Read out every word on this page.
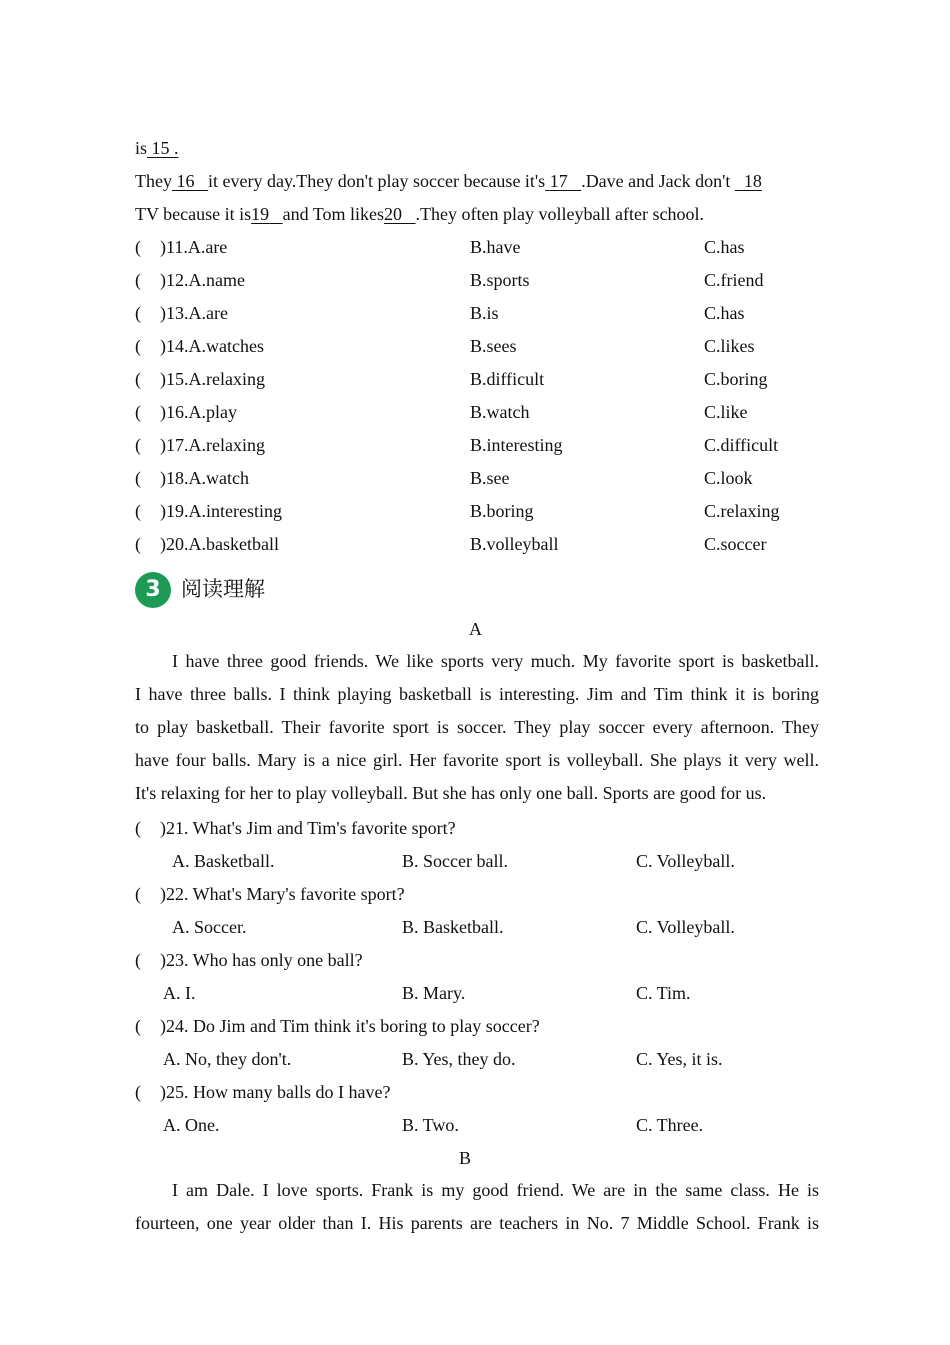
is 15 .
They 16 it every day.They don't play soccer because it's 17 .Dave and Jack don't 18
TV because it is19 and Tom likes20 .They often play volleyball after school.
( )11.A.are	B.have	C.has
( )12.A.name	B.sports	C.friend
( )13.A.are	B.is	C.has
( )14.A.watches	B.sees	C.likes
( )15.A.relaxing	B.difficult	C.boring
( )16.A.play	B.watch	C.like
( )17.A.relaxing	B.interesting	C.difficult
( )18.A.watch	B.see	C.look
( )19.A.interesting	B.boring	C.relaxing
( )20.A.basketball	B.volleyball	C.soccer
3 阅读理解
A
I have three good friends. We like sports very much. My favorite sport is basketball.
I have three balls. I think playing basketball is interesting. Jim and Tim think it is boring
to play basketball. Their favorite sport is soccer. They play soccer every afternoon. They
have four balls. Mary is a nice girl. Her favorite sport is volleyball. She plays it very well.
It's relaxing for her to play volleyball. But she has only one ball. Sports are good for us.
( )21. What's Jim and Tim's favorite sport?
A. Basketball.	B. Soccer ball.	C. Volleyball.
( )22. What's Mary's favorite sport?
A. Soccer.	B. Basketball.	C. Volleyball.
( )23. Who has only one ball?
A. I.	B. Mary.	C. Tim.
( )24. Do Jim and Tim think it's boring to play soccer?
A. No, they don't.	B. Yes, they do.	C. Yes, it is.
( )25. How many balls do I have?
A. One.	B. Two.	C. Three.
B
I am Dale. I love sports. Frank is my good friend. We are in the same class. He is
fourteen, one year older than I. His parents are teachers in No. 7 Middle School. Frank is
